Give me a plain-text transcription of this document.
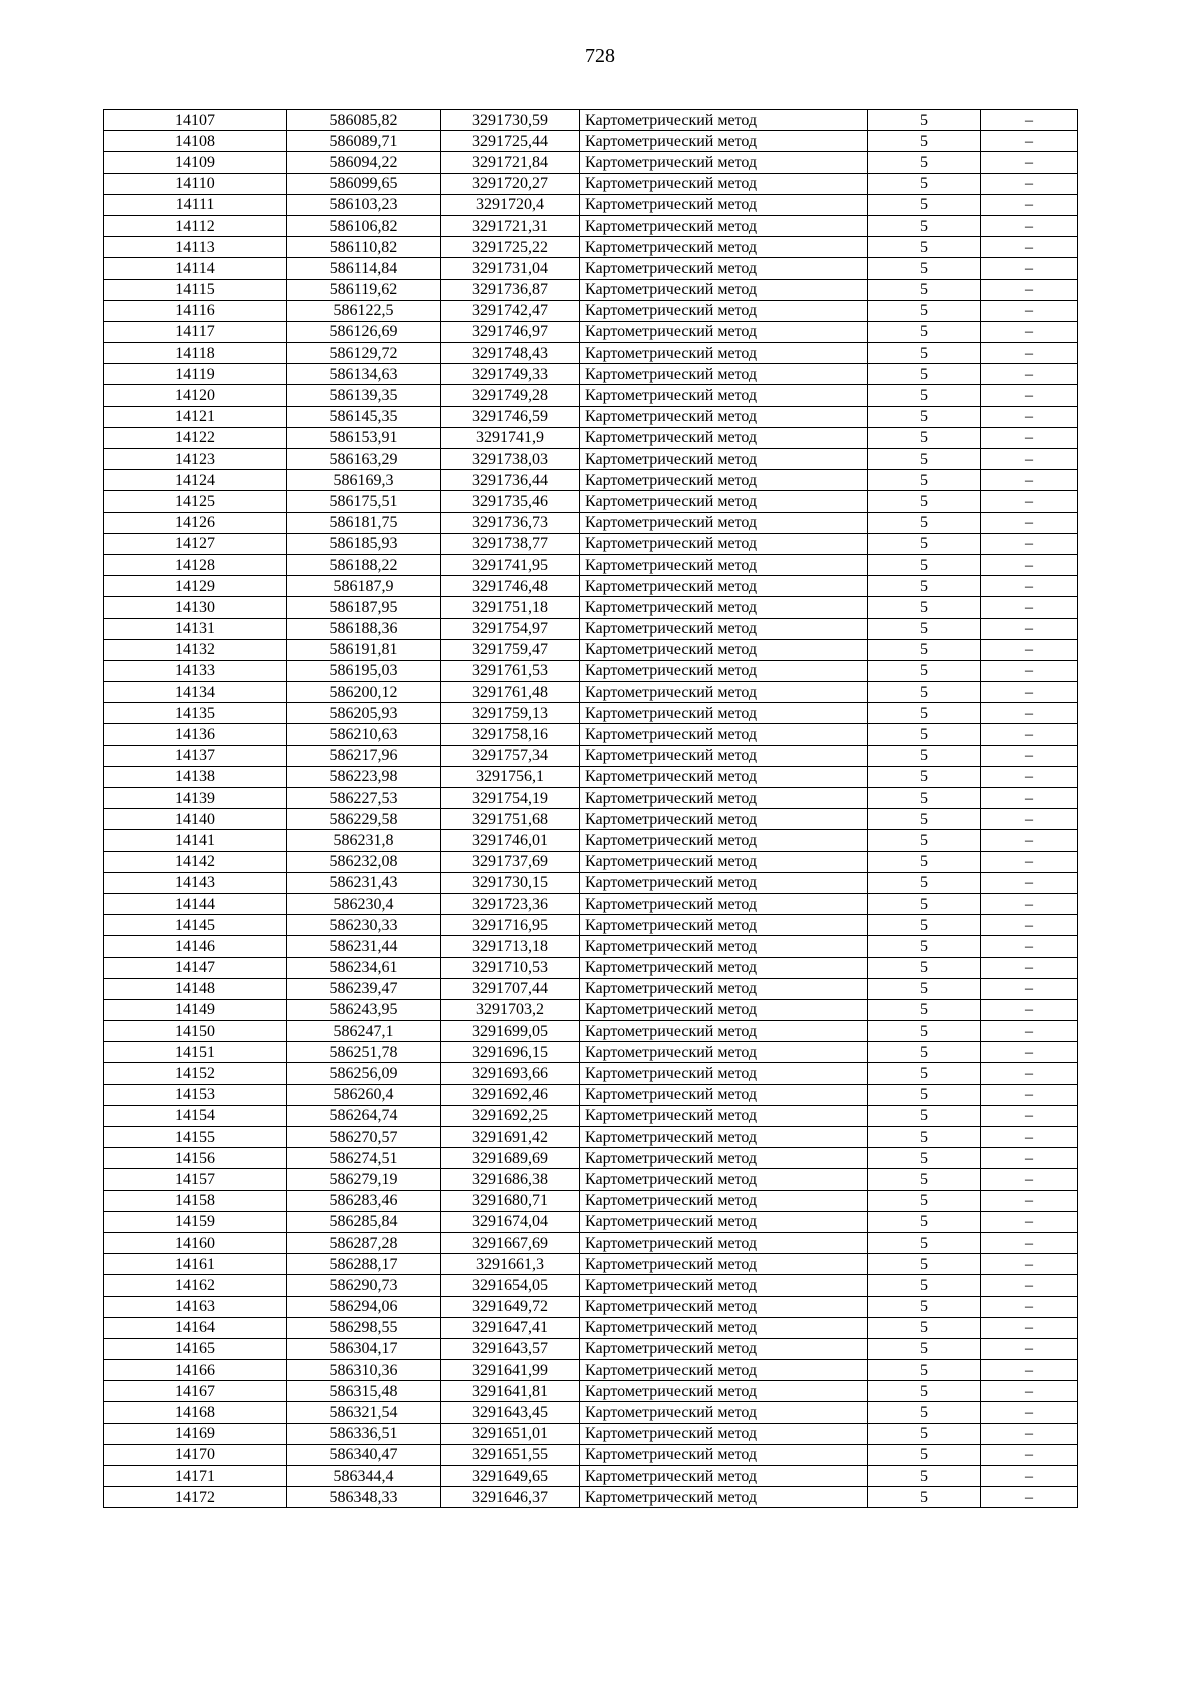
728
14107	586085,82	3291730,59	Картометрический метод	5	–
14108	586089,71	3291725,44	Картометрический метод	5	–
14109	586094,22	3291721,84	Картометрический метод	5	–
14110	586099,65	3291720,27	Картометрический метод	5	–
14111	586103,23	3291720,4	Картометрический метод	5	–
14112	586106,82	3291721,31	Картометрический метод	5	–
14113	586110,82	3291725,22	Картометрический метод	5	–
14114	586114,84	3291731,04	Картометрический метод	5	–
14115	586119,62	3291736,87	Картометрический метод	5	–
14116	586122,5	3291742,47	Картометрический метод	5	–
14117	586126,69	3291746,97	Картометрический метод	5	–
14118	586129,72	3291748,43	Картометрический метод	5	–
14119	586134,63	3291749,33	Картометрический метод	5	–
14120	586139,35	3291749,28	Картометрический метод	5	–
14121	586145,35	3291746,59	Картометрический метод	5	–
14122	586153,91	3291741,9	Картометрический метод	5	–
14123	586163,29	3291738,03	Картометрический метод	5	–
14124	586169,3	3291736,44	Картометрический метод	5	–
14125	586175,51	3291735,46	Картометрический метод	5	–
14126	586181,75	3291736,73	Картометрический метод	5	–
14127	586185,93	3291738,77	Картометрический метод	5	–
14128	586188,22	3291741,95	Картометрический метод	5	–
14129	586187,9	3291746,48	Картометрический метод	5	–
14130	586187,95	3291751,18	Картометрический метод	5	–
14131	586188,36	3291754,97	Картометрический метод	5	–
14132	586191,81	3291759,47	Картометрический метод	5	–
14133	586195,03	3291761,53	Картометрический метод	5	–
14134	586200,12	3291761,48	Картометрический метод	5	–
14135	586205,93	3291759,13	Картометрический метод	5	–
14136	586210,63	3291758,16	Картометрический метод	5	–
14137	586217,96	3291757,34	Картометрический метод	5	–
14138	586223,98	3291756,1	Картометрический метод	5	–
14139	586227,53	3291754,19	Картометрический метод	5	–
14140	586229,58	3291751,68	Картометрический метод	5	–
14141	586231,8	3291746,01	Картометрический метод	5	–
14142	586232,08	3291737,69	Картометрический метод	5	–
14143	586231,43	3291730,15	Картометрический метод	5	–
14144	586230,4	3291723,36	Картометрический метод	5	–
14145	586230,33	3291716,95	Картометрический метод	5	–
14146	586231,44	3291713,18	Картометрический метод	5	–
14147	586234,61	3291710,53	Картометрический метод	5	–
14148	586239,47	3291707,44	Картометрический метод	5	–
14149	586243,95	3291703,2	Картометрический метод	5	–
14150	586247,1	3291699,05	Картометрический метод	5	–
14151	586251,78	3291696,15	Картометрический метод	5	–
14152	586256,09	3291693,66	Картометрический метод	5	–
14153	586260,4	3291692,46	Картометрический метод	5	–
14154	586264,74	3291692,25	Картометрический метод	5	–
14155	586270,57	3291691,42	Картометрический метод	5	–
14156	586274,51	3291689,69	Картометрический метод	5	–
14157	586279,19	3291686,38	Картометрический метод	5	–
14158	586283,46	3291680,71	Картометрический метод	5	–
14159	586285,84	3291674,04	Картометрический метод	5	–
14160	586287,28	3291667,69	Картометрический метод	5	–
14161	586288,17	3291661,3	Картометрический метод	5	–
14162	586290,73	3291654,05	Картометрический метод	5	–
14163	586294,06	3291649,72	Картометрический метод	5	–
14164	586298,55	3291647,41	Картометрический метод	5	–
14165	586304,17	3291643,57	Картометрический метод	5	–
14166	586310,36	3291641,99	Картометрический метод	5	–
14167	586315,48	3291641,81	Картометрический метод	5	–
14168	586321,54	3291643,45	Картометрический метод	5	–
14169	586336,51	3291651,01	Картометрический метод	5	–
14170	586340,47	3291651,55	Картометрический метод	5	–
14171	586344,4	3291649,65	Картометрический метод	5	–
14172	586348,33	3291646,37	Картометрический метод	5	–
